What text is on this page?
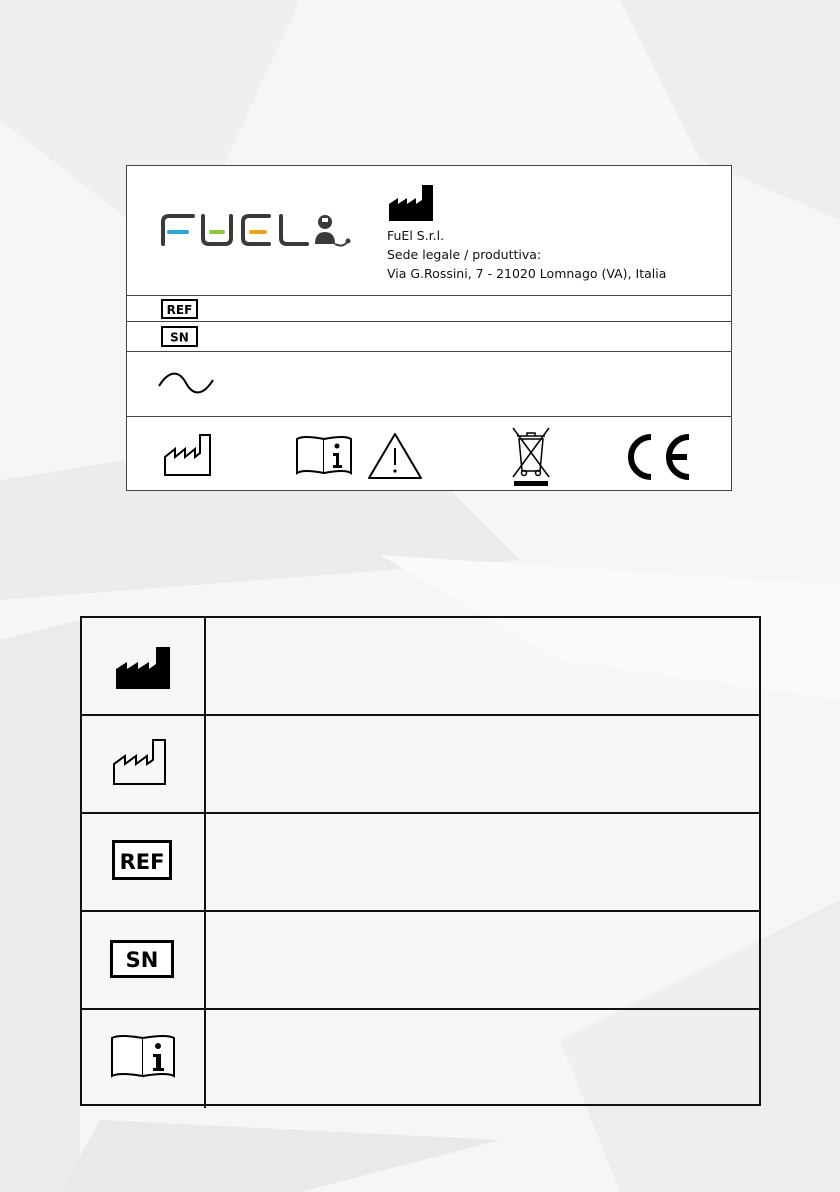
FuEl S.r.l.
Sede legale / produttiva:
Via G.Rossini, 7 - 21020 Lomnago (VA), Italia
REF
SN
REF
SN
